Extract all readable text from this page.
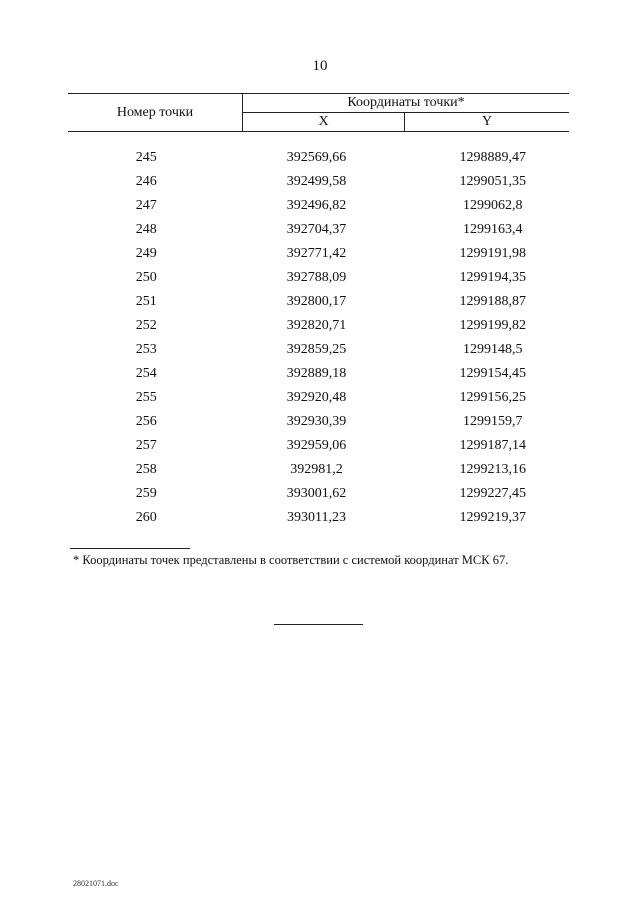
10
Номер точки	Координаты точки*	
	X	Y

245	392569,66	1298889,47
246	392499,58	1299051,35
247	392496,82	1299062,8
248	392704,37	1299163,4
249	392771,42	1299191,98
250	392788,09	1299194,35
251	392800,17	1299188,87
252	392820,71	1299199,82
253	392859,25	1299148,5
254	392889,18	1299154,45
255	392920,48	1299156,25
256	392930,39	1299159,7
257	392959,06	1299187,14
258	392981,2	1299213,16
259	393001,62	1299227,45
260	393011,23	1299219,37
* Координаты точек представлены в соответствии с системой координат МСК 67.
28021071.doc
